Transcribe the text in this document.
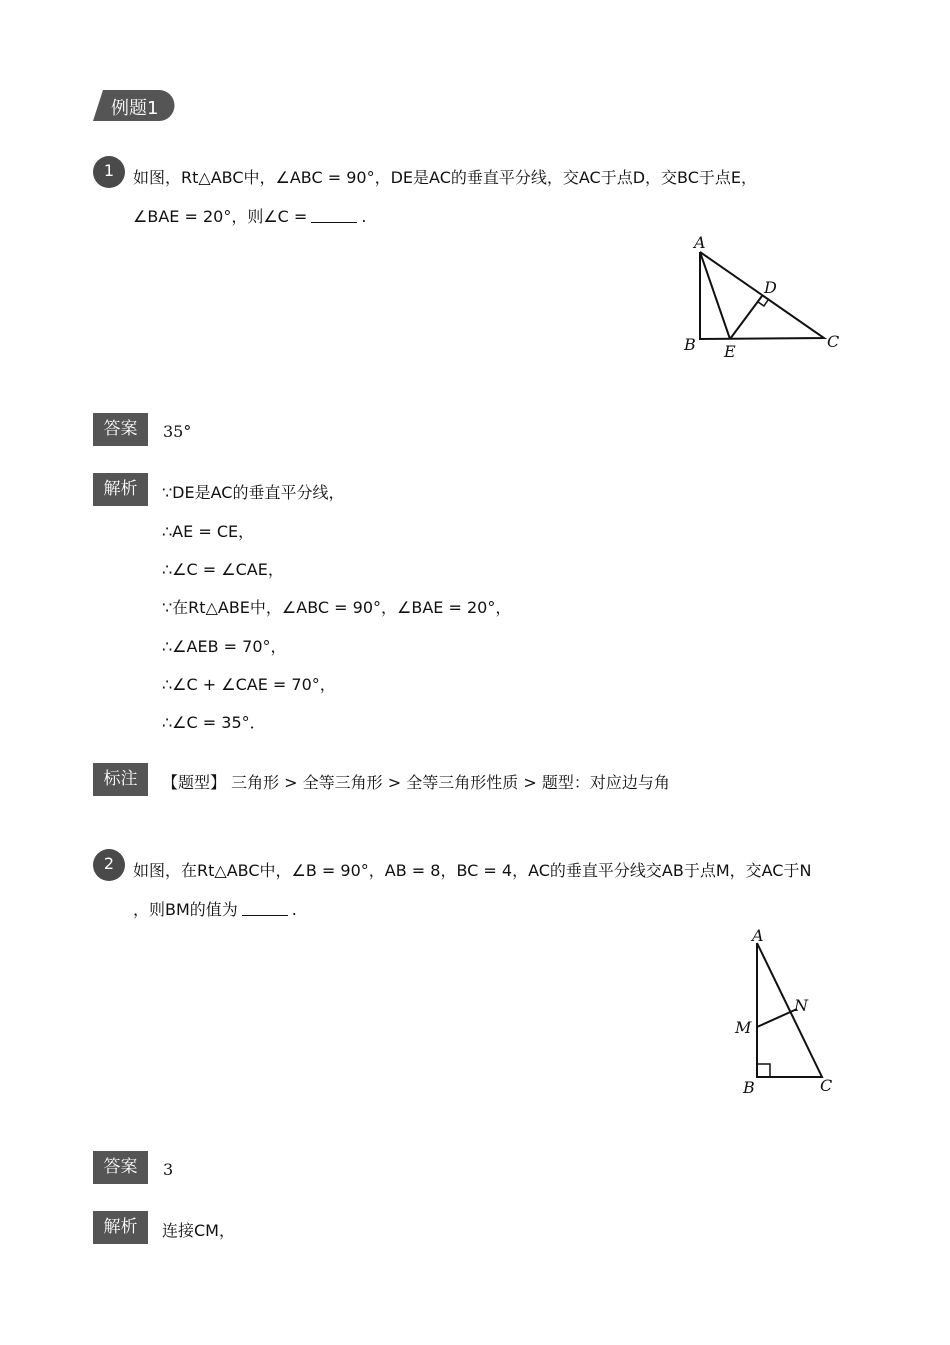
例题1
1	如图，Rt△ABC中，∠ABC = 90°，DE是AC的垂直平分线，交AC于点D，交BC于点E，
∠BAE = 20°，则∠C =	.
A
B	C
D
E
答案	35°
解析	∵DE是AC的垂直平分线，
∴AE = CE，
∴∠C = ∠CAE，
∵在Rt△ABE中，∠ABC = 90°，∠BAE = 20°，
∴∠AEB = 70°，
∴∠C + ∠CAE = 70°，
∴∠C = 35°．
标注	【题型】 三角形 > 全等三角形 > 全等三角形性质 > 题型：对应边与角
2	如图，在Rt△ABC中，∠B = 90°，AB = 8，BC = 4，AC的垂直平分线交AB于点M，交AC于N
，则BM的值为	.
A
B	C
M
N
答案	3
解析	连接CM，
